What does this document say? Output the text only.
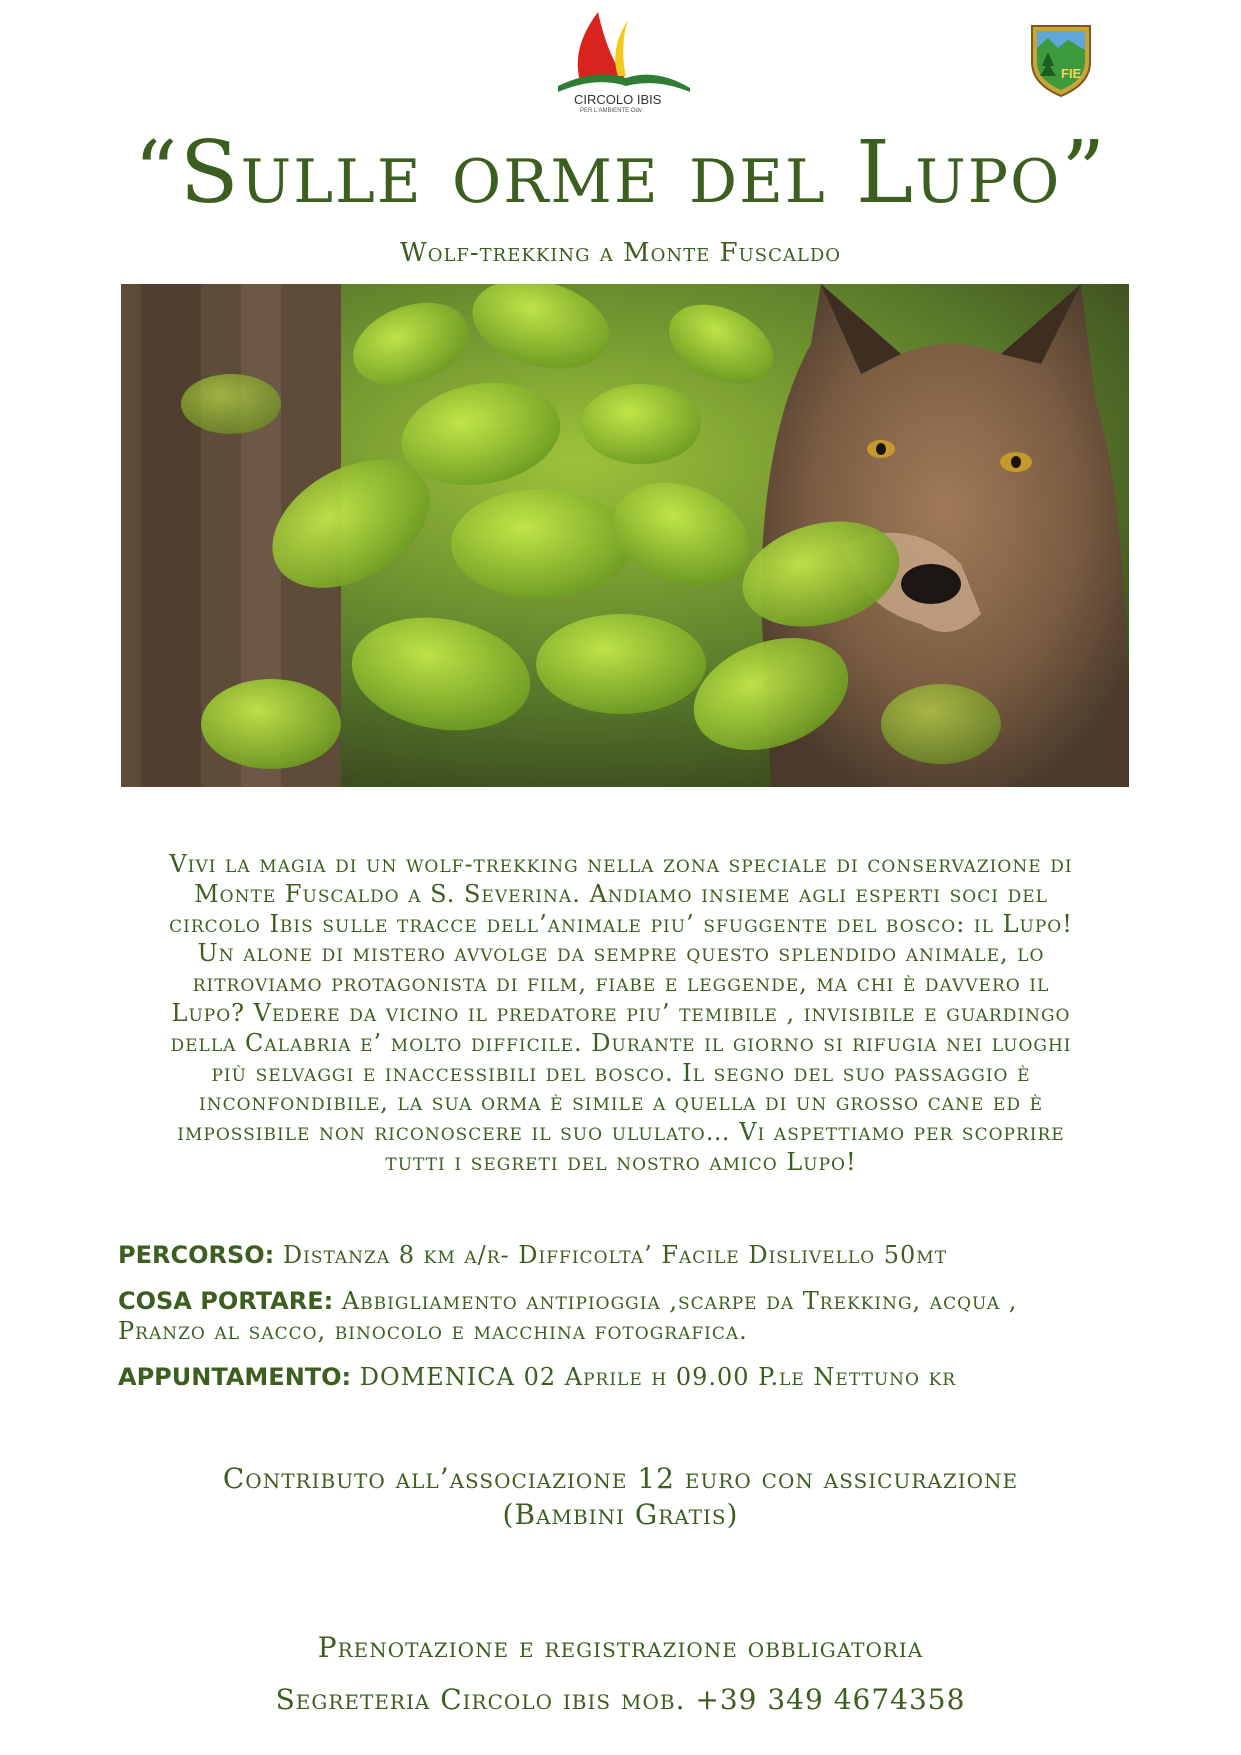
CIRCOLO IBIS
PER L'AMBIENTE Odv
FIE
“Sulle orme del Lupo”
Wolf-trekking a Monte Fuscaldo
Vivi la magia di un wolf-trekking nella zona speciale di conservazione di
Monte Fuscaldo a S. Severina. Andiamo insieme agli esperti soci del
circolo Ibis sulle tracce dell’animale piu’ sfuggente del bosco: il Lupo!
Un alone di mistero avvolge da sempre questo splendido animale, lo
ritroviamo protagonista di film, fiabe e leggende, ma chi è davvero il
Lupo? Vedere da vicino il predatore piu’ temibile , invisibile e guardingo
della Calabria e’ molto difficile. Durante il giorno si rifugia nei luoghi
più selvaggi e inaccessibili del bosco. Il segno del suo passaggio è
inconfondibile, la sua orma è simile a quella di un grosso cane ed è
impossibile non riconoscere il suo ululato… Vi aspettiamo per scoprire
tutti i segreti del nostro amico Lupo!
PERCORSO: Distanza 8 km a/r- Difficolta’ Facile Dislivello 50mt
COSA PORTARE: Abbigliamento antipioggia ,scarpe da Trekking, acqua ,
Pranzo al sacco, binocolo e macchina fotografica.
APPUNTAMENTO: DOMENICA 02 Aprile h 09.00 P.le Nettuno kr
Contributo all’associazione 12 euro con assicurazione
(Bambini Gratis)
Prenotazione e registrazione obbligatoria
Segreteria Circolo ibis mob. +39 349 4674358
